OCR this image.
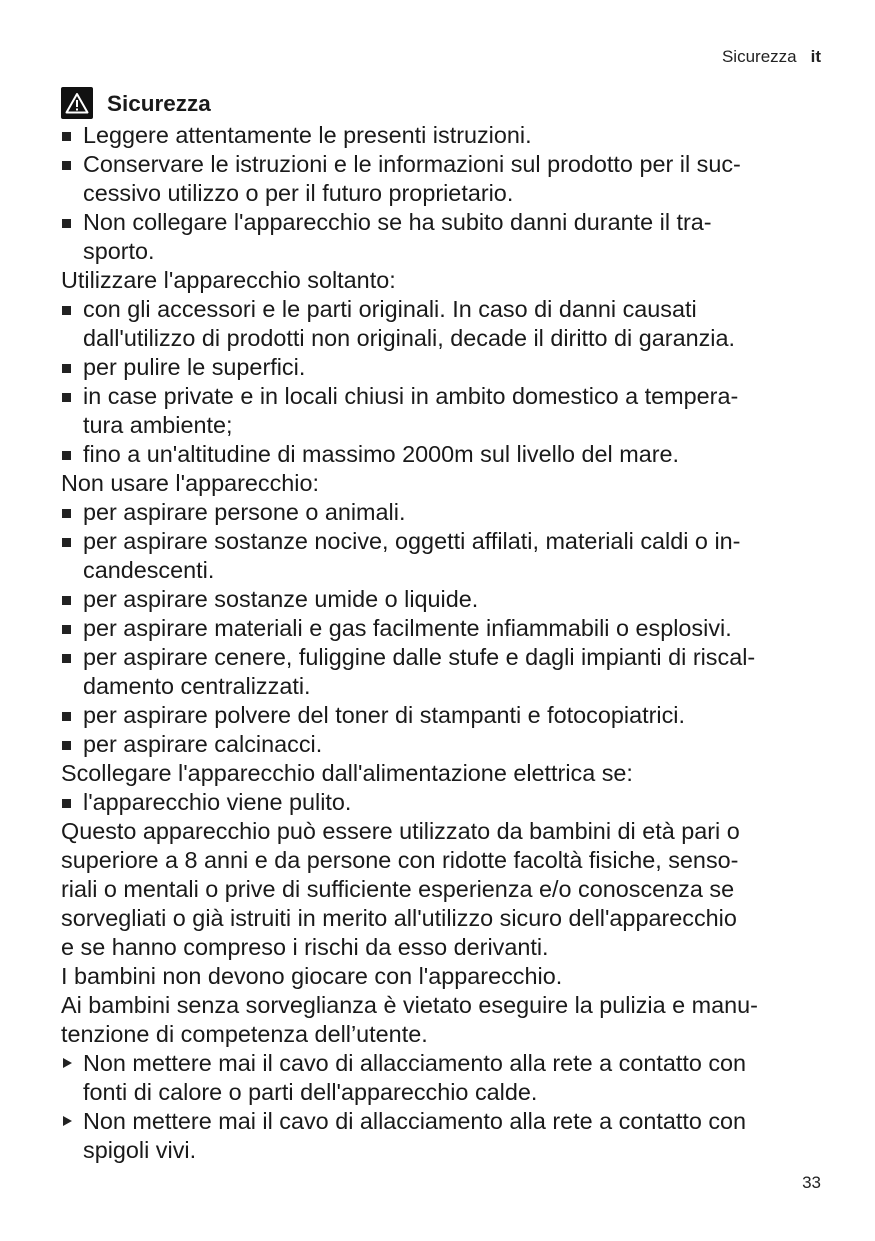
Sicurezza it
Sicurezza
Leggere attentamente le presenti istruzioni.
Conservare le istruzioni e le informazioni sul prodotto per il suc-
cessivo utilizzo o per il futuro proprietario.
Non collegare l'apparecchio se ha subito danni durante il tra-
sporto.
Utilizzare l'apparecchio soltanto:
con gli accessori e le parti originali. In caso di danni causati
dall'utilizzo di prodotti non originali, decade il diritto di garanzia.
per pulire le superfici.
in case private e in locali chiusi in ambito domestico a tempera-
tura ambiente;
fino a un'altitudine di massimo 2000m sul livello del mare.
Non usare l'apparecchio:
per aspirare persone o animali.
per aspirare sostanze nocive, oggetti affilati, materiali caldi o in-
candescenti.
per aspirare sostanze umide o liquide.
per aspirare materiali e gas facilmente infiammabili o esplosivi.
per aspirare cenere, fuliggine dalle stufe e dagli impianti di riscal-
damento centralizzati.
per aspirare polvere del toner di stampanti e fotocopiatrici.
per aspirare calcinacci.
Scollegare l'apparecchio dall'alimentazione elettrica se:
l'apparecchio viene pulito.
Questo apparecchio può essere utilizzato da bambini di età pari o
superiore a 8 anni e da persone con ridotte facoltà fisiche, senso-
riali o mentali o prive di sufficiente esperienza e/o conoscenza se
sorvegliati o già istruiti in merito all'utilizzo sicuro dell'apparecchio
e se hanno compreso i rischi da esso derivanti.
I bambini non devono giocare con l'apparecchio.
Ai bambini senza sorveglianza è vietato eseguire la pulizia e manu-
tenzione di competenza dell’utente.
Non mettere mai il cavo di allacciamento alla rete a contatto con
fonti di calore o parti dell'apparecchio calde.
Non mettere mai il cavo di allacciamento alla rete a contatto con
spigoli vivi.
33
